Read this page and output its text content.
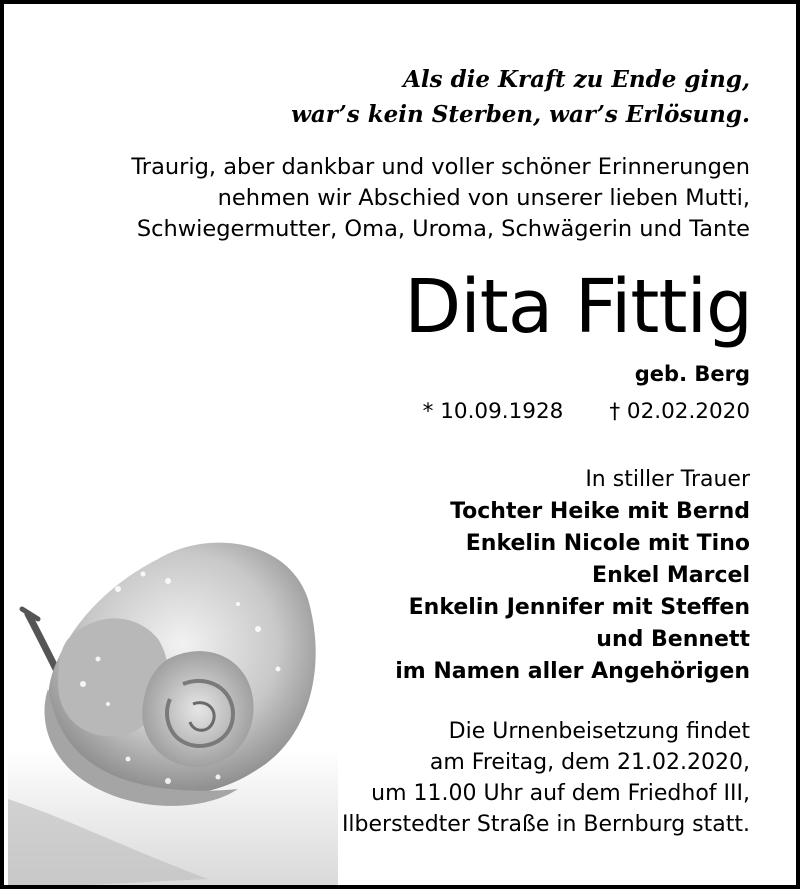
Als die Kraft zu Ende ging,
war’s kein Sterben, war’s Erlösung.
Traurig, aber dankbar und voller schöner Erinnerungen
nehmen wir Abschied von unserer lieben Mutti,
Schwiegermutter, Oma, Uroma, Schwägerin und Tante
Dita Fittig
geb. Berg
* 10.09.1928 † 02.02.2020
In stiller Trauer
Tochter Heike mit Bernd
Enkelin Nicole mit Tino
Enkel Marcel
Enkelin Jennifer mit Steffen
und Bennett
im Namen aller Angehörigen
Die Urnenbeisetzung findet
am Freitag, dem 21.02.2020,
um 11.00 Uhr auf dem Friedhof III,
Ilberstedter Straße in Bernburg statt.
